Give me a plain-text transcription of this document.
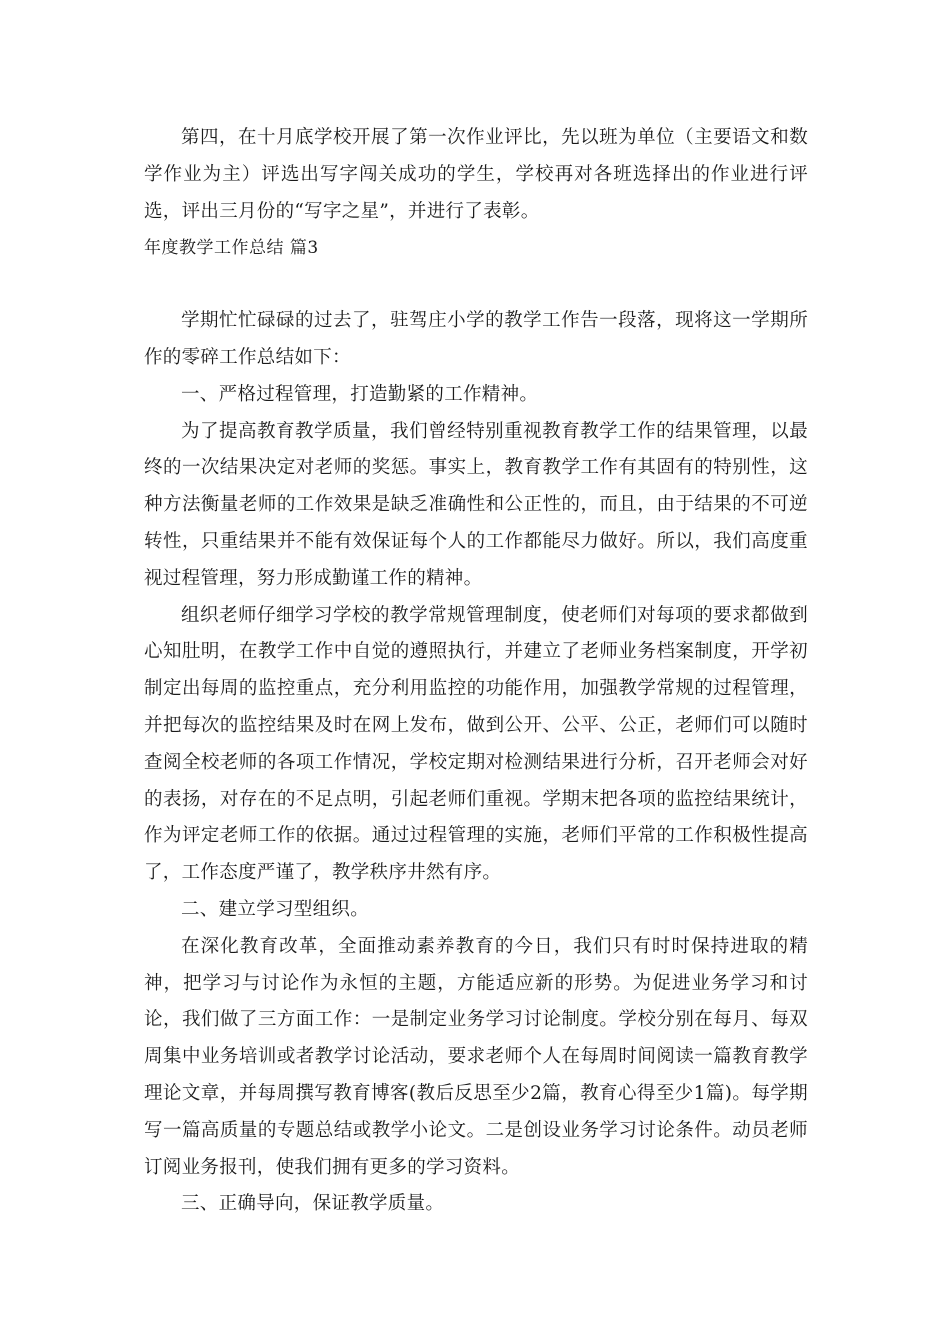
第四，在十月底学校开展了第一次作业评比，先以班为单位（主要语文和数学作业为主）评选出写字闯关成功的学生，学校再对各班选择出的作业进行评选，评出三月份的“写字之星”，并进行了表彰。

年度教学工作总结 篇3

学期忙忙碌碌的过去了，驻驾庄小学的教学工作告一段落，现将这一学期所作的零碎工作总结如下：

一、严格过程管理，打造勤紧的工作精神。

为了提高教育教学质量，我们曾经特别重视教育教学工作的结果管理，以最终的一次结果决定对老师的奖惩。事实上，教育教学工作有其固有的特别性，这种方法衡量老师的工作效果是缺乏准确性和公正性的，而且，由于结果的不可逆转性，只重结果并不能有效保证每个人的工作都能尽力做好。所以，我们高度重视过程管理，努力形成勤谨工作的精神。

组织老师仔细学习学校的教学常规管理制度，使老师们对每项的要求都做到心知肚明，在教学工作中自觉的遵照执行，并建立了老师业务档案制度，开学初制定出每周的监控重点，充分利用监控的功能作用，加强教学常规的过程管理，并把每次的监控结果及时在网上发布，做到公开、公平、公正，老师们可以随时查阅全校老师的各项工作情况，学校定期对检测结果进行分析，召开老师会对好的表扬，对存在的不足点明，引起老师们重视。学期末把各项的监控结果统计，作为评定老师工作的依据。通过过程管理的实施，老师们平常的工作积极性提高了，工作态度严谨了，教学秩序井然有序。

二、建立学习型组织。

在深化教育改革，全面推动素养教育的今日，我们只有时时保持进取的精神，把学习与讨论作为永恒的主题，方能适应新的形势。为促进业务学习和讨论，我们做了三方面工作：一是制定业务学习讨论制度。学校分别在每月、每双周集中业务培训或者教学讨论活动，要求老师个人在每周时间阅读一篇教育教学理论文章，并每周撰写教育博客(教后反思至少2篇，教育心得至少1篇)。每学期写一篇高质量的专题总结或教学小论文。二是创设业务学习讨论条件。动员老师订阅业务报刊，使我们拥有更多的学习资料。

三、正确导向，保证教学质量。
